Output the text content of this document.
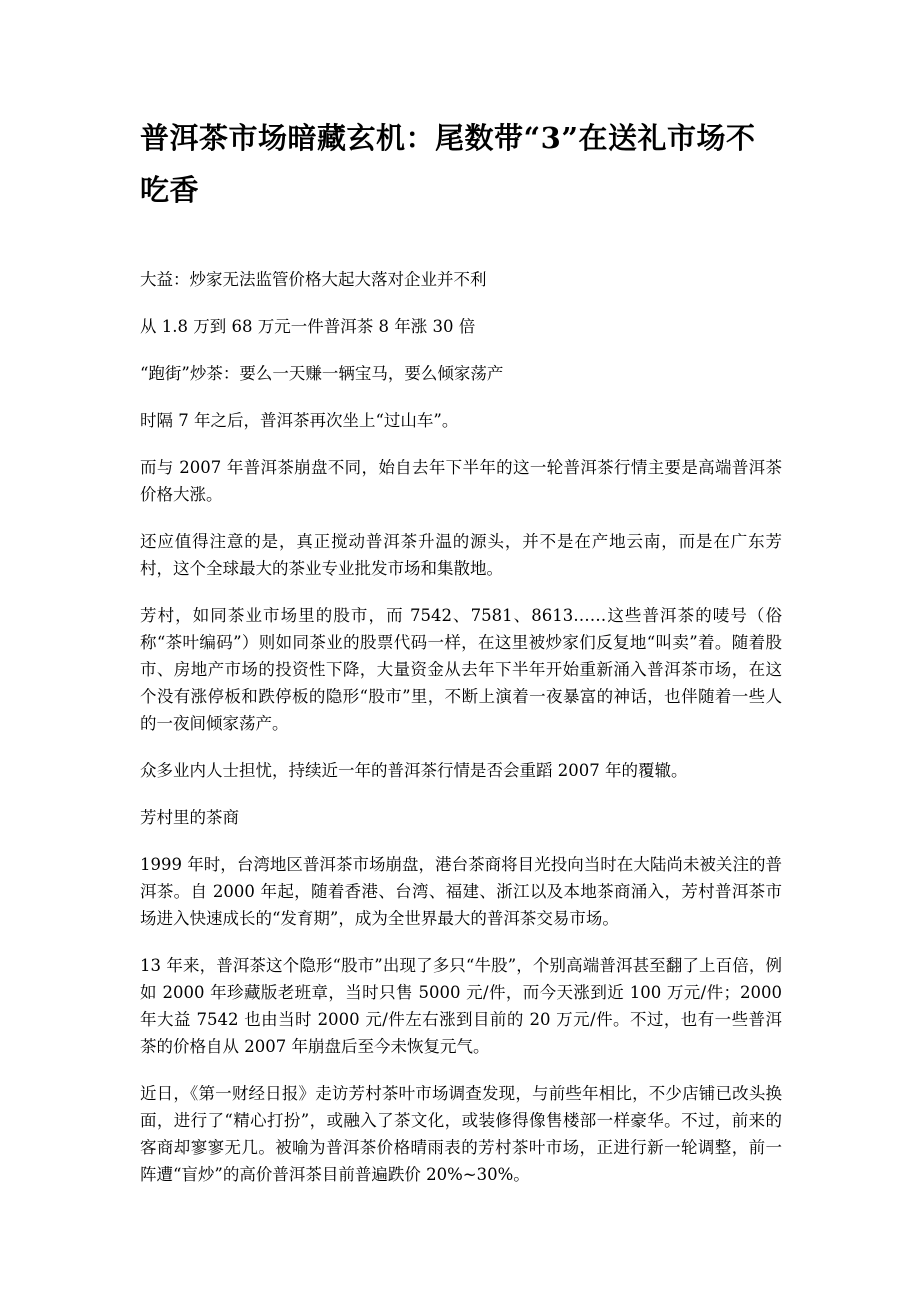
普洱茶市场暗藏玄机：尾数带“3”在送礼市场不吃香

大益：炒家无法监管价格大起大落对企业并不利

从 1.8 万到 68 万元一件普洱茶 8 年涨 30 倍

“跑街”炒茶：要么一天赚一辆宝马，要么倾家荡产

时隔 7 年之后，普洱茶再次坐上“过山车”。

而与 2007 年普洱茶崩盘不同，始自去年下半年的这一轮普洱茶行情主要是高端普洱茶价格大涨。

还应值得注意的是，真正搅动普洱茶升温的源头，并不是在产地云南，而是在广东芳村，这个全球最大的茶业专业批发市场和集散地。

芳村，如同茶业市场里的股市，而 7542、7581、8613……这些普洱茶的唛号（俗称“茶叶编码”）则如同茶业的股票代码一样，在这里被炒家们反复地“叫卖”着。随着股市、房地产市场的投资性下降，大量资金从去年下半年开始重新涌入普洱茶市场，在这个没有涨停板和跌停板的隐形“股市”里，不断上演着一夜暴富的神话，也伴随着一些人的一夜间倾家荡产。

众多业内人士担忧，持续近一年的普洱茶行情是否会重蹈 2007 年的覆辙。

芳村里的茶商

1999 年时，台湾地区普洱茶市场崩盘，港台茶商将目光投向当时在大陆尚未被关注的普洱茶。自 2000 年起，随着香港、台湾、福建、浙江以及本地茶商涌入，芳村普洱茶市场进入快速成长的“发育期”，成为全世界最大的普洱茶交易市场。

13 年来，普洱茶这个隐形“股市”出现了多只“牛股”，个别高端普洱甚至翻了上百倍，例如 2000 年珍藏版老班章，当时只售 5000 元/件，而今天涨到近 100 万元/件；2000 年大益 7542 也由当时 2000 元/件左右涨到目前的 20 万元/件。不过，也有一些普洱茶的价格自从 2007 年崩盘后至今未恢复元气。

近日，《第一财经日报》走访芳村茶叶市场调查发现，与前些年相比，不少店铺已改头换面，进行了“精心打扮”，或融入了茶文化，或装修得像售楼部一样豪华。不过，前来的客商却寥寥无几。被喻为普洱茶价格晴雨表的芳村茶叶市场，正进行新一轮调整，前一阵遭“盲炒”的高价普洱茶目前普遍跌价 20%~30%。
